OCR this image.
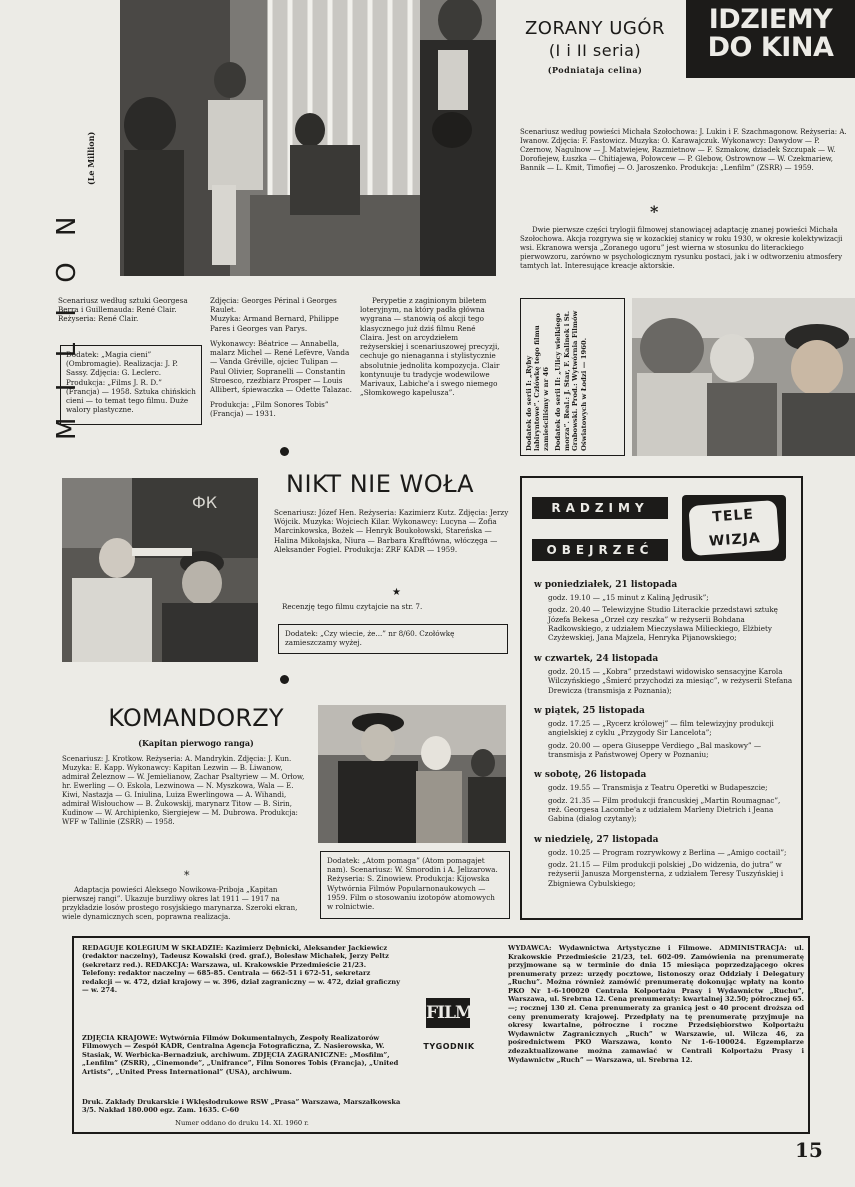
M I L I O N
(Le Million)

Scenariusz według sztuki Georgesa Berra i Guillemauda: René Clair.

Reżyseria: René Clair.

Dodatek: „Magia cieni” (Ombromagie). Realizacja: J. P. Sassy. Zdjęcia: G. Leclerc. Produkcja: „Films J. R. D.” (Francja) — 1958. Sztuka chińskich cieni — to temat tego filmu. Duże walory plastyczne.

Zdjęcia: Georges Périnal i Georges Raulet.

Muzyka: Armand Bernard, Philippe Pares i Georges van Parys.

Wykonawcy: Béatrice — Annabella, malarz Michel — René Lefèvre, Vanda — Vanda Gréville, ojciec Tulipan — Paul Olivier, Sopranelli — Constantin Stroesco, rzeźbiarz Prosper — Louis Allibert, śpiewaczka — Odette Talazac.

Produkcja: „Film Sonores Tobis” (Francja) — 1931.

Perypetie z zaginionym biletem loteryjnym, na który padła główna wygrana — stanowią oś akcji tego klasycznego już dziś filmu René Claira. Jest on arcydziełem reżyserskiej i scenariuszowej precyzji, cechuje go nienaganna i stylistycznie absolutnie jednolita kompozycja. Clair kontynuuje tu tradycje wodewilowe Marivaux, Labiche'a i swego niemego „Słomkowego kapelusza”.

IDZIEMY
DO KINA
ZORANY UGÓR
(I i II seria)
(Podniataja celina)

Scenariusz według powieści Michała Szołochowa: J. Lukin i F. Szachmagonow. Reżyseria: A. Iwanow. Zdjęcia: F. Fastowicz. Muzyka: O. Karawajczuk. Wykonawcy: Dawydow — P. Czernow, Nagulnow — J. Matwiejew, Razmietnow — F. Szmakow, dziadek Szczupak — W. Dorofiejew, Łuszka — Chitiajewa, Połowcew — P. Glebow, Ostrownow — W. Czekmariew, Bannik — L. Kmit, Timofiej — O. Jaroszenko. Produkcja: „Lenfilm” (ZSRR) — 1959.

*

Dwie pierwsze części trylogii filmowej stanowiącej adaptację znanej powieści Michała Szołochowa. Akcja rozgrywa się w kozackiej stanicy w roku 1930, w okresie kolektywizacji wsi. Ekranowa wersja „Zoranego ugoru” jest wierna w stosunku do literackiego pierwowzoru, zarówno w psychologicznym rysunku postaci, jak i w odtworzeniu atmosfery tamtych lat. Interesujące kreacje aktorskie.

Dodatek do serii I: „Ryby labiryntowe”. Człówkę tego filmu zamieściliśmy w nr 46 Dodatek do serii II: „Ulicy wielkiego morza”. Real.: J. Star, F. Kalinek i St. Grabowski. Prod.: Wytwórnia Filmów Oświatowych w Łodzi — 1960.

ФК
NIKT NIE WOŁA

Scenariusz: Józef Hen. Reżyseria: Kazimierz Kutz. Zdjęcia: Jerzy Wójcik. Muzyka: Wojciech Kilar. Wykonawcy: Lucyna — Zofia Marcinkowska, Bożek — Henryk Boukołowski, Stareńska — Halina Mikołajska, Niura — Barbara Krafftówna, włóczęga — Aleksander Fogiel. Produkcja: ZRF KADR — 1959.

★

Recenzję tego filmu czytajcie na str. 7.

Dodatek: „Czy wiecie, że...” nr 8/60. Czołówkę zamieszczamy wyżej.

KOMANDORZY
(Kapitan pierwogo ranga)

Scenariusz: J. Krotkow. Reżyseria: A. Mandrykin. Zdjęcia: J. Kun. Muzyka: E. Kapp. Wykonawcy: Kapitan Lezwin — B. Liwanow, admirał Żeleznow — W. Jemielianow, Zachar Psaltyriew — M. Orłow, hr. Ewerling — O. Eskola, Lezwinowa — N. Myszkowa, Wala — E. Kiwi, Nastazja — G. Iniulina, Luiza Ewerlingowa — A. Wihandi, admirał Wisłouchow — B. Żukowskij, marynarz Titow — B. Sirin, Kudinow — W. Archipienko, Siergiejew — M. Dubrowa. Produkcja: WFF w Tallinie (ZSRR) — 1958.

*

Adaptacja powieści Aleksego Nowikowa-Priboja „Kapitan pierwszej rangi”. Ukazuje burzliwy okres lat 1911 — 1917 na przykładzie losów prostego rosyjskiego marynarza. Szeroki ekran, wiele dynamicznych scen, poprawna realizacja.

Dodatek: „Atom pomaga” (Atom pomagajet nam). Scenariusz: W. Smorodin i A. Jelizarowa. Reżyseria: S. Zinowiew. Produkcja: Kijowska Wytwórnia Filmów Popularnonaukowych — 1959. Film o stosowaniu izotopów atomowych w rolnictwie.

RADZIMY
OBEJRZEĆ
TELE WIZJA
w poniedziałek, 21 listopada

godz. 19.10 — „15 minut z Kaliną Jędrusik”;

godz. 20.40 — Telewizyjne Studio Literackie przedstawi sztukę Józefa Bekesa „Orzeł czy reszka” w reżyserii Bohdana Radkowskiego, z udziałem Mieczysława Milieckiego, Elżbiety Czyżewskiej, Jana Majzela, Henryka Pijanowskiego;

w czwartek, 24 listopada

godz. 20.15 — „Kobra” przedstawi widowisko sensacyjne Karola Wilczyńskiego „Śmierć przychodzi za miesiąc”, w reżyserii Stefana Drewicza (transmisja z Poznania);

w piątek, 25 listopada

godz. 17.25 — „Rycerz królowej” — film telewizyjny produkcji angielskiej z cyklu „Przygody Sir Lancelota”;

godz. 20.00 — opera Giuseppe Verdiego „Bal maskowy” — transmisja z Państwowej Opery w Poznaniu;

w sobotę, 26 listopada

godz. 19.55 — Transmisja z Teatru Operetki w Budapeszcie;

godz. 21.35 — Film produkcji francuskiej „Martin Roumagnac”, reż. Georgesa Lacombe'a z udziałem Marleny Dietrich i Jeana Gabina (dialog czytany);

w niedzielę, 27 listopada

godz. 10.25 — Program rozrywkowy z Berlina — „Amigo coctail”;

godz. 21.15 — Film produkcji polskiej „Do widzenia, do jutra” w reżyserii Janusza Morgensterna, z udziałem Teresy Tuszyńskiej i Zbigniewa Cybulskiego;

REDAGUJE KOLEGIUM W SKŁADZIE: Kazimierz Dębnicki, Aleksander Jackiewicz (redaktor naczelny), Tadeusz Kowalski (red. graf.), Bolesław Michałek, Jerzy Peltz (sekretarz red.). REDAKCJA: Warszawa, ul. Krakowskie Przedmieście 21/23. Telefony: redaktor naczelny — 685-85. Centrala — 662-51 i 672-51, sekretarz redakcji — w. 472, dział krajowy — w. 396, dział zagraniczny — w. 472, dział graficzny — w. 274.

ZDJĘCIA KRAJOWE: Wytwórnia Filmów Dokumentalnych, Zespoły Realizatorów Filmowych — Zespół KADR, Centralna Agencja Fotograficzna, Z. Nasierowska, W. Stasiak, W. Werbicka-Bernadziuk, archiwum. ZDJĘCIA ZAGRANICZNE: „Mosfilm”, „Lenfilm” (ZSRR), „Cinemonde”, „Unifrance”, Film Sonores Tobis (Francja), „United Artists”, „United Press International” (USA), archiwum.

Druk. Zakłady Drukarskie i Wklęsłodrukowe RSW „Prasa” Warszawa, Marszałkowska 3/5. Nakład 180.000 egz. Zam. 1635. C-60

Numer oddano do druku 14. XI. 1960 r.

FILM
TYGODNIK

WYDAWCA: Wydawnictwa Artystyczne i Filmowe. ADMINISTRACJA: ul. Krakowskie Przedmieście 21/23, tel. 602-09. Zamówienia na prenumeratę przyjmowane są w terminie do dnia 15 miesiąca poprzedzającego okres prenumeraty przez: urzędy pocztowe, listonoszy oraz Oddziały i Delegatury „Ruchu”. Można również zamówić prenumeratę dokonując wpłaty na konto PKO Nr 1-6-100020 Centrala Kolportażu Prasy i Wydawnictw „Ruchu”, Warszawa, ul. Srebrna 12. Cena prenumeraty: kwartalnej 32.50; półrocznej 65.—; rocznej 130 zł. Cena prenumeraty za granicą jest o 40 procent droższa od ceny prenumeraty krajowej. Przedpłaty na tę prenumeratę przyjmuje na okresy kwartalne, półroczne i roczne Przedsiębiorstwo Kolportażu Wydawnictw Zagranicznych „Ruch” w Warszawie, ul. Wilcza 46, za pośrednictwem PKO Warszawa, konto Nr 1-6-100024. Egzemplarze zdezaktualizowane można zamawiać w Centrali Kolportażu Prasy i Wydawnictw „Ruch” — Warszawa, ul. Srebrna 12.

15
